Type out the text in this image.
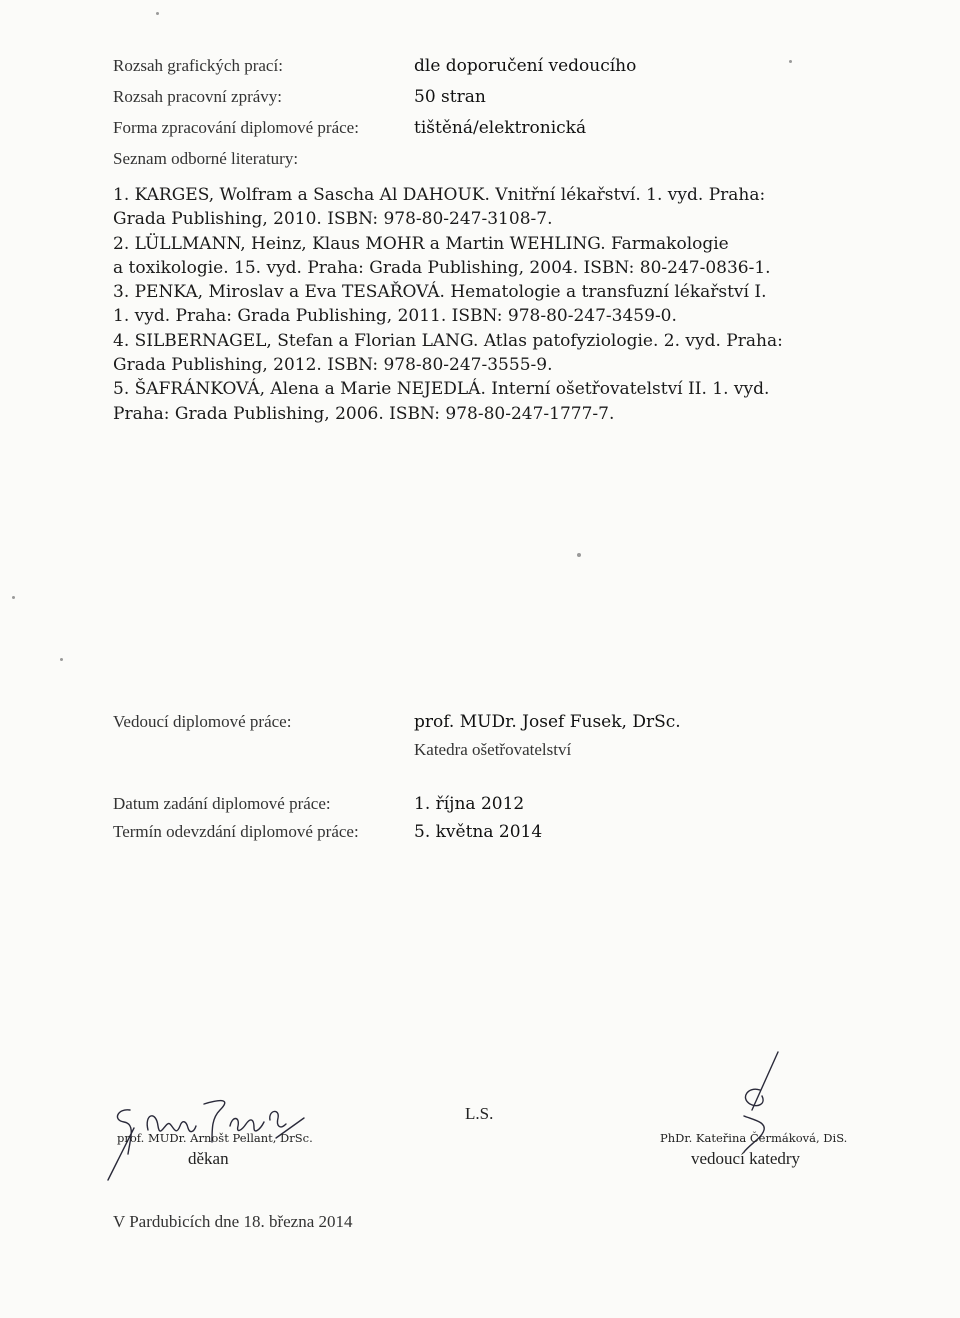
Rozsah grafických prací:	dle doporučení vedoucího
Rozsah pracovní zprávy:	50 stran
Forma zpracování diplomové práce:	tištěná/elektronická
Seznam odborné literatury:
1. KARGES, Wolfram a Sascha Al DAHOUK. Vnitřní lékařství. 1. vyd. Praha:
Grada Publishing, 2010. ISBN: 978-80-247-3108-7.
2. LÜLLMANN, Heinz, Klaus MOHR a Martin WEHLING. Farmakologie
a toxikologie. 15. vyd. Praha: Grada Publishing, 2004. ISBN: 80-247-0836-1.
3. PENKA, Miroslav a Eva TESAŘOVÁ. Hematologie a transfuzní lékařství I.
1. vyd. Praha: Grada Publishing, 2011. ISBN: 978-80-247-3459-0.
4. SILBERNAGEL, Stefan a Florian LANG. Atlas patofyziologie. 2. vyd. Praha:
Grada Publishing, 2012. ISBN: 978-80-247-3555-9.
5. ŠAFRÁNKOVÁ, Alena a Marie NEJEDLÁ. Interní ošetřovatelství II. 1. vyd.
Praha: Grada Publishing, 2006. ISBN: 978-80-247-1777-7.
Vedoucí diplomové práce:	prof. MUDr. Josef Fusek, DrSc.
Katedra ošetřovatelství
Datum zadání diplomové práce:	1. října 2012
Termín odevzdání diplomové práce:	5. května 2014
prof. MUDr. Arnošt Pellant, DrSc.
děkan
L.S.
PhDr. Kateřina Čermáková, DiS.
vedoucí katedry
V Pardubicích dne 18. března 2014
